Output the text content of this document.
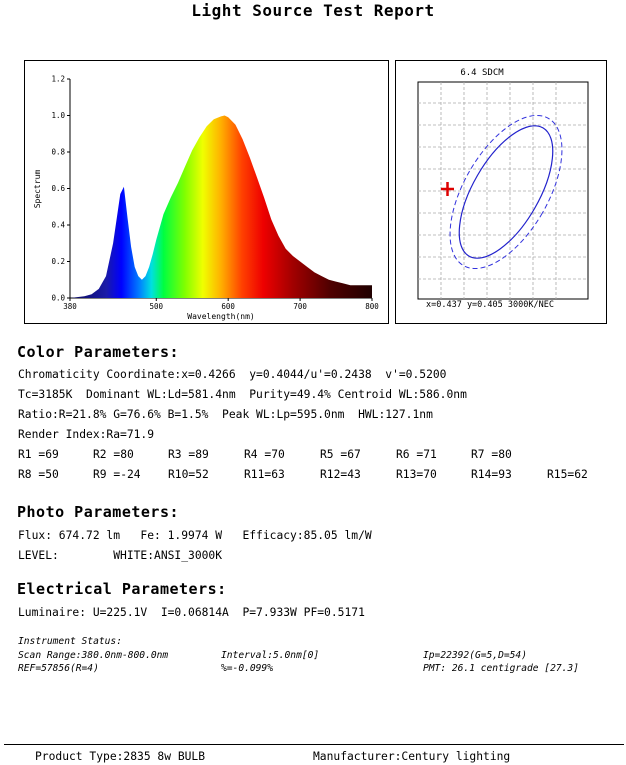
Light Source Test Report
380	500	600	700	800
0.0
0.2
0.4
0.6
0.8
1.0
1.2
Wavelength(nm)
Spectrum
6.4 SDCM
x=0.437 y=0.405 3000K/NEC
Color Parameters:
Chromaticity Coordinate:x=0.4266  y=0.4044/u'=0.2438  v'=0.5200
Tc=3185K  Dominant WL:Ld=581.4nm  Purity=49.4% Centroid WL:586.0nm
Ratio:R=21.8% G=76.6% B=1.5%  Peak WL:Lp=595.0nm  HWL:127.1nm
Render Index:Ra=71.9
R1 =69	R2 =80	R3 =89	R4 =70	R5 =67	R6 =71	R7 =80
R8 =50	R9 =-24 R10=52	R11=63	R12=43	R13=70	R14=93	R15=62
Photo Parameters:
Flux: 674.72 lm   Fe: 1.9974 W   Efficacy:85.05 lm/W
LEVEL:        WHITE:ANSI_3000K
Electrical Parameters:
Luminaire: U=225.1V  I=0.06814A  P=7.933W PF=0.5171
Instrument Status:
Scan Range:380.0nm-800.0nm	Interval:5.0nm[0]	Ip=22392(G=5,D=54)
REF=57856(R=4)	%=-0.099%	PMT: 26.1 centigrade [27.3]
Product Type:2835 8w BULB	Manufacturer:Century lighting
